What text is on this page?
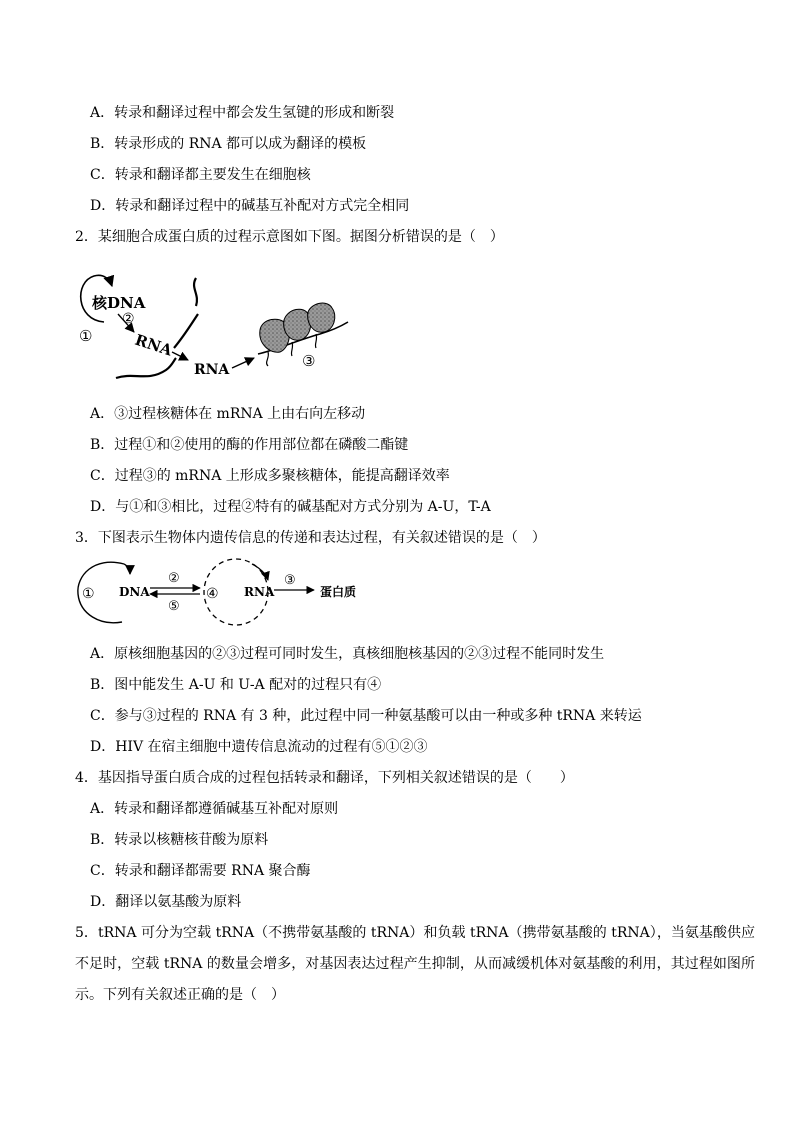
A．转录和翻译过程中都会发生氢键的形成和断裂
B．转录形成的 RNA 都可以成为翻译的模板
C．转录和翻译都主要发生在细胞核
D．转录和翻译过程中的碱基互补配对方式完全相同
2．某细胞合成蛋白质的过程示意图如下图。据图分析错误的是（　）
核DNA
①
②
RNA
RNA	③
A．③过程核糖体在 mRNA 上由右向左移动
B．过程①和②使用的酶的作用部位都在磷酸二酯键
C．过程③的 mRNA 上形成多聚核糖体，能提高翻译效率
D．与①和③相比，过程②特有的碱基配对方式分别为 A-U，T-A
3．下图表示生物体内遗传信息的传递和表达过程，有关叙述错误的是（　）
① DNA
②
⑤
④ RNA
③
蛋白质
A．原核细胞基因的②③过程可同时发生，真核细胞核基因的②③过程不能同时发生
B．图中能发生 A-U 和 U-A 配对的过程只有④
C．参与③过程的 RNA 有 3 种，此过程中同一种氨基酸可以由一种或多种 tRNA 来转运
D．HIV 在宿主细胞中遗传信息流动的过程有⑤①②③
4．基因指导蛋白质合成的过程包括转录和翻译，下列相关叙述错误的是（　　）
A．转录和翻译都遵循碱基互补配对原则
B．转录以核糖核苷酸为原料
C．转录和翻译都需要 RNA 聚合酶
D．翻译以氨基酸为原料
5．tRNA 可分为空载 tRNA（不携带氨基酸的 tRNA）和负载 tRNA（携带氨基酸的 tRNA），当氨基酸供应不足时，空载 tRNA 的数量会增多，对基因表达过程产生抑制，从而减缓机体对氨基酸的利用，其过程如图所示。下列有关叙述正确的是（　）
